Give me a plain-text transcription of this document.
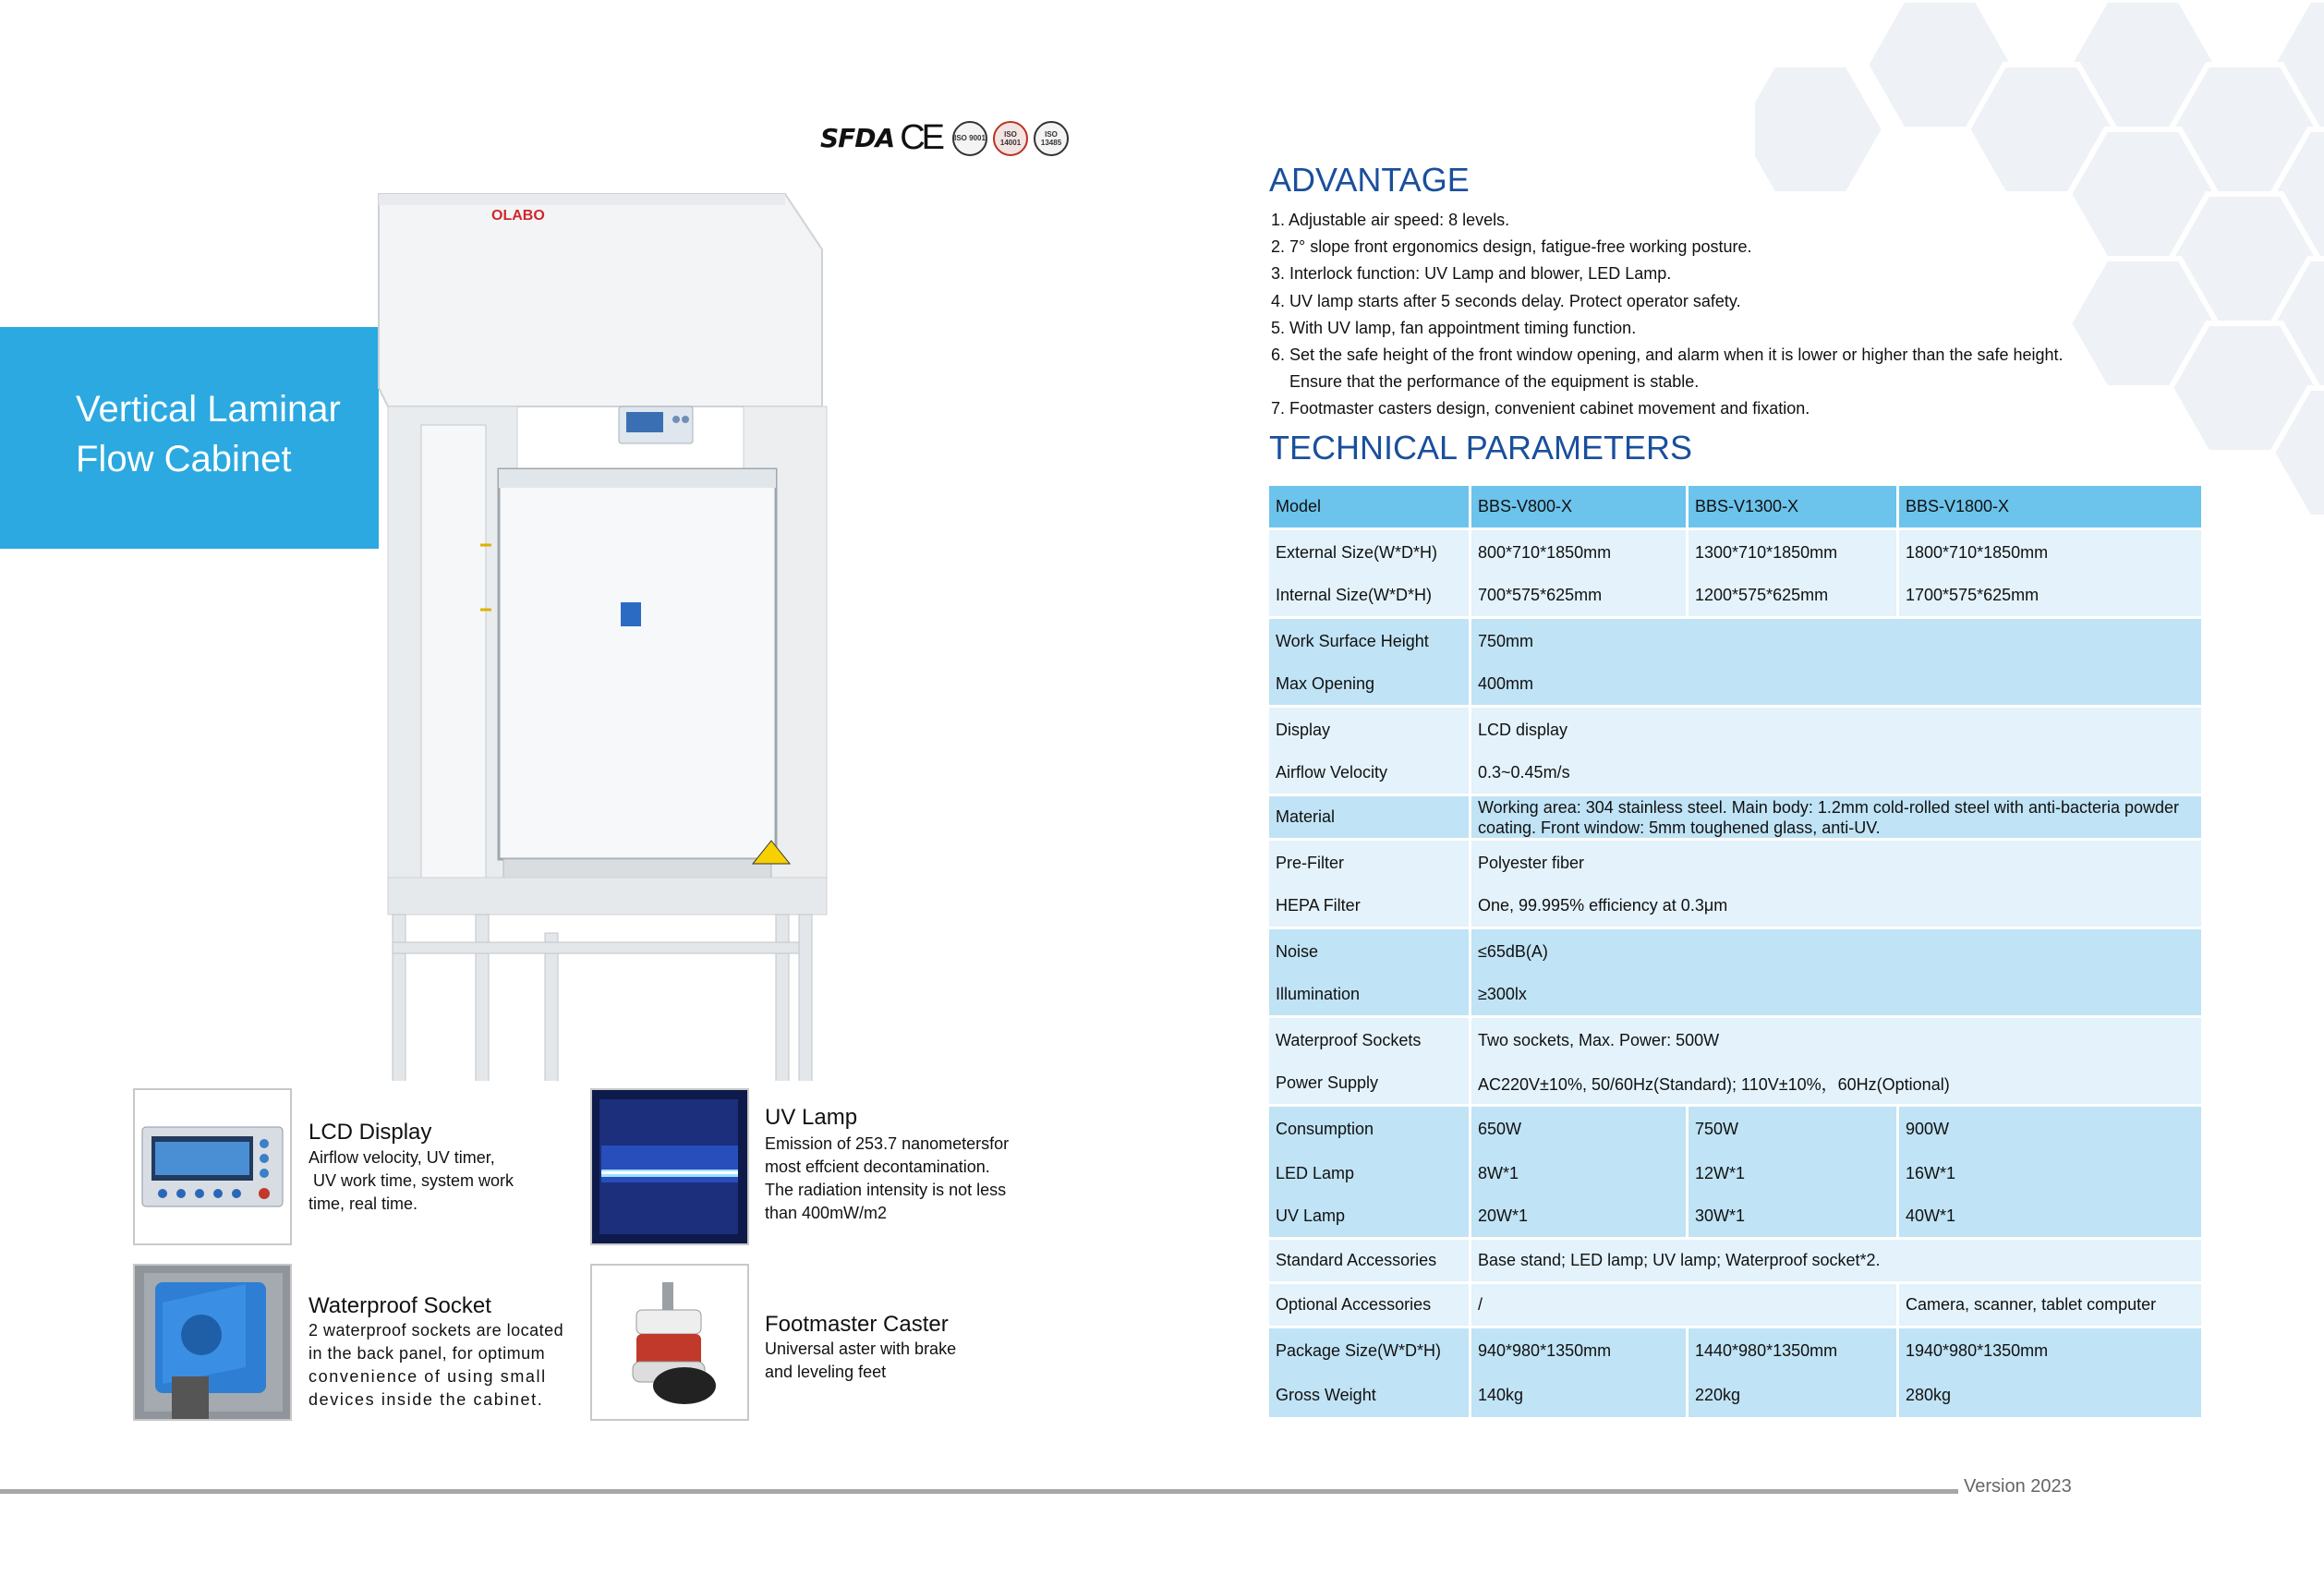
Vertical Laminar
Flow Cabinet
SFDA CE ISO 9001	ISO 14001
ISO 13485
OLABO
LCD Display
Airflow velocity, UV timer,
UV work time, system work
time, real time.
UV Lamp
Emission of 253.7 nanometersfor
most effcient decontamination.
The radiation intensity is not less
than 400mW/m2
Waterproof Socket
2 waterproof sockets are located
in the back panel, for optimum
convenience of using small
devices inside the cabinet.
Footmaster Caster
Universal aster with brake
and leveling feet
ADVANTAGE
1. Adjustable air speed: 8 levels.
2. 7° slope front ergonomics design, fatigue-free working posture.
3. Interlock function: UV Lamp and blower, LED Lamp.
4. UV lamp starts after 5 seconds delay. Protect operator safety.
5. With UV lamp, fan appointment timing function.
6. Set the safe height of the front window opening, and alarm when it is lower or higher than the safe height.
Ensure that the performance of the equipment is stable.
7. Footmaster casters design, convenient cabinet movement and fixation.
TECHNICAL PARAMETERS
Model	BBS-V800-X	BBS-V1300-X	BBS-V1800-X
External Size(W*D*H)	800*710*1850mm	1300*710*1850mm	1800*710*1850mm
Internal Size(W*D*H)	700*575*625mm	1200*575*625mm	1700*575*625mm
Work Surface Height	750mm		
Max Opening	400mm		
Display	LCD display		
Airflow Velocity	0.3~0.45m/s		
Material	Working area: 304 stainless steel. Main body: 1.2mm cold-rolled steel with anti-bacteria powder coating. Front window: 5mm toughened glass, anti-UV.		
Pre-Filter	Polyester fiber		
HEPA Filter	One, 99.995% efficiency at 0.3μm		
Noise	≤65dB(A)		
Illumination	≥300lx		
Waterproof Sockets	Two sockets, Max. Power: 500W		
Power Supply	AC220V±10%, 50/60Hz(Standard); 110V±10%，60Hz(Optional)		
Consumption	650W	750W	900W
LED Lamp	8W*1	12W*1	16W*1
UV Lamp	20W*1	30W*1	40W*1
Standard Accessories	Base stand; LED lamp; UV lamp; Waterproof socket*2.		
Optional Accessories	/		Camera, scanner, tablet computer
Package Size(W*D*H)	940*980*1350mm	1440*980*1350mm	1940*980*1350mm
Gross Weight	140kg	220kg	280kg
Version 2023
